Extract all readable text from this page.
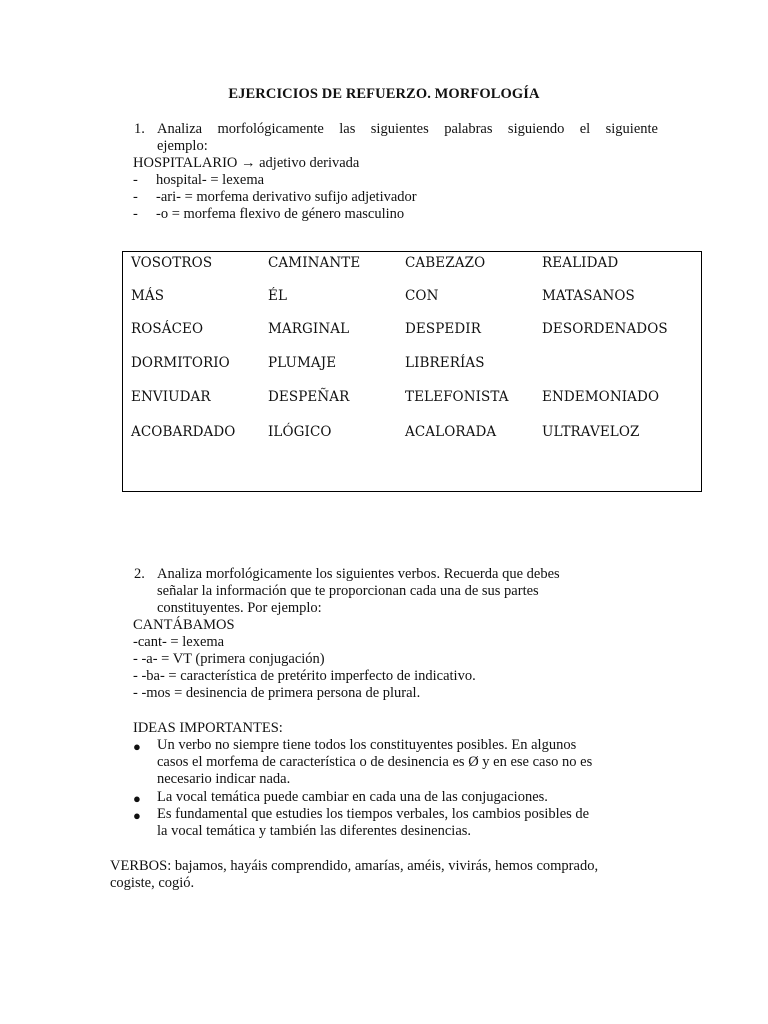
EJERCICIOS DE REFUERZO. MORFOLOGÍA
1. Analiza morfológicamente las siguientes palabras siguiendo el siguiente
ejemplo:
HOSPITALARIO → adjetivo derivada
-	hospital- = lexema
-	-ari- = morfema derivativo sufijo adjetivador
-	-o = morfema flexivo de género masculino
VOSOTROS	CAMINANTE	CABEZAZO	REALIDAD
MÁS	ÉL	CON	MATASANOS
ROSÁCEO	MARGINAL	DESPEDIR	DESORDENADOS
DORMITORIO	PLUMAJE	LIBRERÍAS
ENVIUDAR	DESPEÑAR	TELEFONISTA ENDEMONIADO
ACOBARDADO ILÓGICO	ACALORADA	ULTRAVELOZ
2. Analiza morfológicamente los siguientes verbos. Recuerda que debes
señalar la información que te proporcionan cada una de sus partes
constituyentes. Por ejemplo:
CANTÁBAMOS
-cant- = lexema
- -a- = VT (primera conjugación)
- -ba- = característica de pretérito imperfecto de indicativo.
- -mos = desinencia de primera persona de plural.
IDEAS IMPORTANTES:
● Un verbo no siempre tiene todos los constituyentes posibles. En algunos
casos el morfema de característica o de desinencia es Ø y en ese caso no es
necesario indicar nada.
● La vocal temática puede cambiar en cada una de las conjugaciones.
● Es fundamental que estudies los tiempos verbales, los cambios posibles de
la vocal temática y también las diferentes desinencias.
VERBOS: bajamos, hayáis comprendido, amarías, améis, vivirás, hemos comprado,
cogiste, cogió.
